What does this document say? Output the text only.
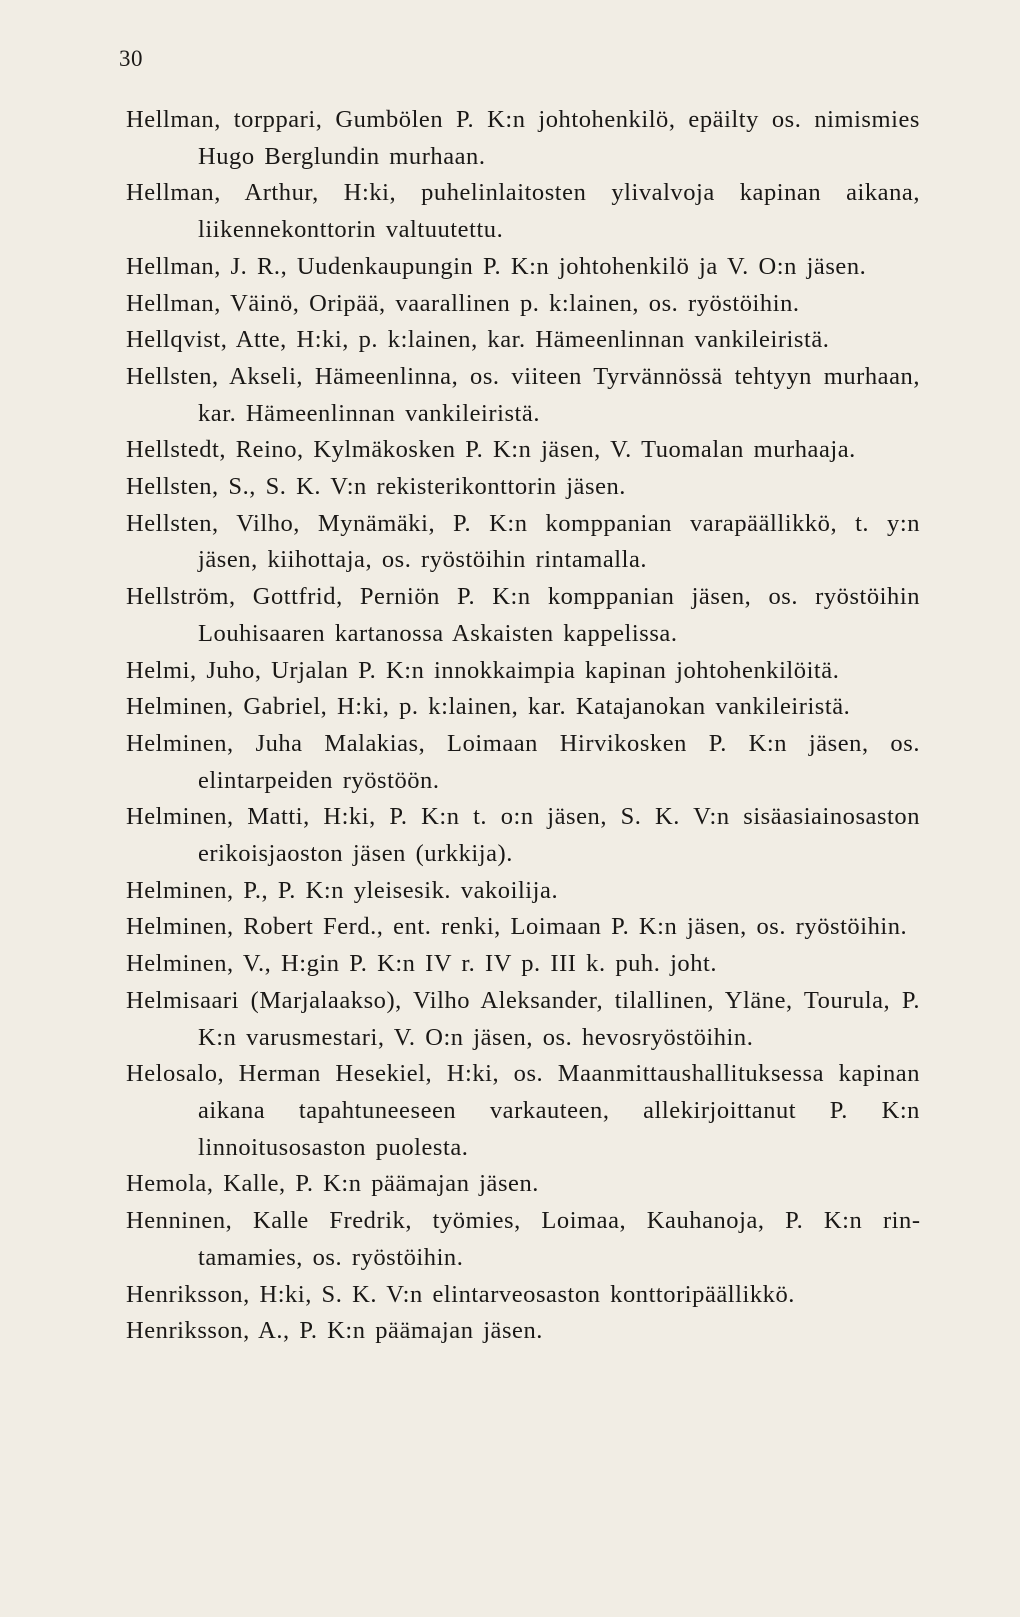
30
Hellman, torppari, Gumbölen P. K:n johtohenkilö, epäilty os. nimismies Hugo Berglundin murhaan.
Hellman, Arthur, H:ki, puhelinlaitosten ylivalvoja kapinan aikana, liikennekonttorin valtuutettu.
Hellman, J. R., Uudenkaupungin P. K:n johtohenkilö ja V. O:n jäsen.
Hellman, Väinö, Oripää, vaarallinen p. k:lainen, os. ryöstöihin.
Hellqvist, Atte, H:ki, p. k:lainen, kar. Hämeenlinnan vankileiristä.
Hellsten, Akseli, Hämeenlinna, os. viiteen Tyrvännössä tehtyyn murhaan, kar. Hämeenlinnan vankileiristä.
Hellstedt, Reino, Kylmäkosken P. K:n jäsen, V. Tuomalan murhaaja.
Hellsten, S., S. K. V:n rekisterikonttorin jäsen.
Hellsten, Vilho, Mynämäki, P. K:n komppanian varapäällikkö, t. y:n jäsen, kiihottaja, os. ryöstöihin rintamalla.
Hellström, Gottfrid, Perniön P. K:n komppanian jäsen, os. ryöstöihin Louhisaaren kartanossa Askaisten kappelissa.
Helmi, Juho, Urjalan P. K:n innokkaimpia kapinan johtohenkilöitä.
Helminen, Gabriel, H:ki, p. k:lainen, kar. Katajanokan vankileiristä.
Helminen, Juha Malakias, Loimaan Hirvikosken P. K:n jäsen, os. elintarpeiden ryöstöön.
Helminen, Matti, H:ki, P. K:n t. o:n jäsen, S. K. V:n sisäasiainosaston erikoisjaoston jäsen (urkkija).
Helminen, P., P. K:n yleisesik. vakoilija.
Helminen, Robert Ferd., ent. renki, Loimaan P. K:n jäsen, os. ryöstöihin.
Helminen, V., H:gin P. K:n IV r. IV p. III k. puh. joht.
Helmisaari (Marjalaakso), Vilho Aleksander, tilallinen, Yläne, Tourula, P. K:n varusmestari, V. O:n jäsen, os. hevosryöstöihin.
Helosalo, Herman Hesekiel, H:ki, os. Maanmittaushallituksessa kapinan aikana tapahtuneeseen varkauteen, allekirjoittanut P. K:n linnoitusosaston puolesta.
Hemola, Kalle, P. K:n päämajan jäsen.
Henninen, Kalle Fredrik, työmies, Loimaa, Kauhanoja, P. K:n rintamamies, os. ryöstöihin.
Henriksson, H:ki, S. K. V:n elintarveosaston konttoripäällikkö.
Henriksson, A., P. K:n päämajan jäsen.
